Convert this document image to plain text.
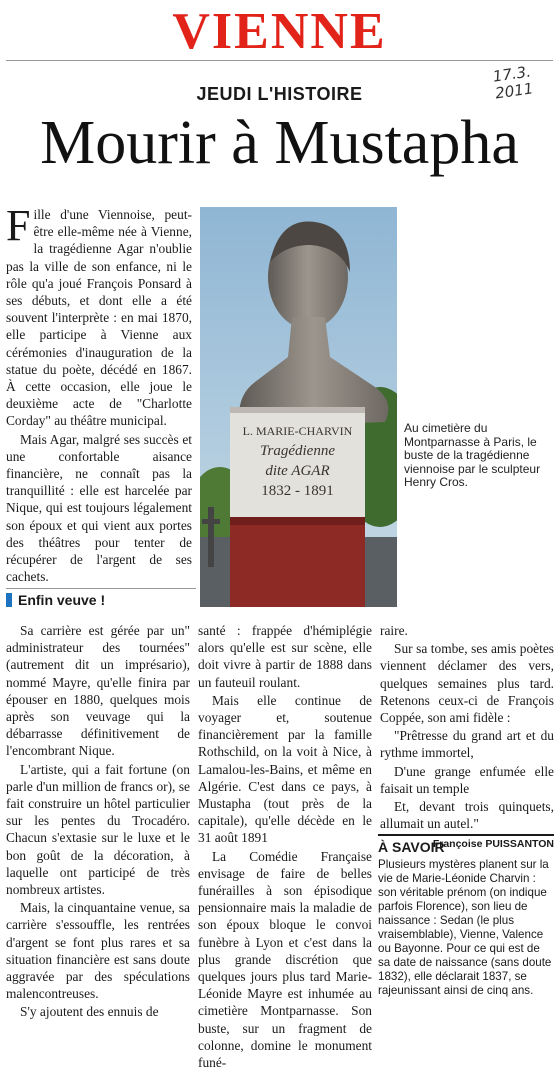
VIENNE
17.3.
2011
JEUDI L'HISTOIRE
Mourir à Mustapha

Fille d'une Viennoise, peut-être elle-même née à Vienne, la tragédienne Agar n'oublie pas la ville de son enfance, ni le rôle qu'a joué François Ponsard à ses débuts, et dont elle a été souvent l'interprète : en mai 1870, elle participe à Vienne aux cérémonies d'inauguration de la statue du poète, décédé en 1867. À cette occasion, elle joue le deuxième acte de "Charlotte Corday" au théâtre municipal.

Mais Agar, malgré ses succès et une confortable aisance financière, ne connaît pas la tranquillité : elle est harcelée par Nique, qui est toujours légalement son époux et qui vient aux portes des théâtres pour tenter de récupérer de l'argent de ses cachets.

L. MARIE-CHARVIN
Tragédienne
dite AGAR
1832 - 1891
Au cimetière du Montparnasse à Paris, le buste de la tragédienne viennoise par le sculpteur Henry Cros.
Enfin veuve !

Sa carrière est gérée par un" administrateur des tournées" (autrement dit un imprésario), nommé Mayre, qu'elle finira par épouser en 1880, quelques mois après son veuvage qui la débarrasse définitivement de l'encombrant Nique.

L'artiste, qui a fait fortune (on parle d'un million de francs or), se fait construire un hôtel particulier sur les pentes du Trocadéro. Chacun s'extasie sur le luxe et le bon goût de la décoration, à laquelle ont participé de très nombreux artistes.

Mais, la cinquantaine venue, sa carrière s'essouffle, les rentrées d'argent se font plus rares et sa situation financière est sans doute aggravée par des spéculations malencontreuses.

S'y ajoutent des ennuis de

santé : frappée d'hémiplégie alors qu'elle est sur scène, elle doit vivre à partir de 1888 dans un fauteuil roulant.

Mais elle continue de voyager et, soutenue financièrement par la famille Rothschild, on la voit à Nice, à Lamalou-les-Bains, et même en Algérie. C'est dans ce pays, à Mustapha (tout près de la capitale), qu'elle décède en le 31 août 1891

La Comédie Française envisage de faire de belles funérailles à son épisodique pensionnaire mais la maladie de son époux bloque le convoi funèbre à Lyon et c'est dans la plus grande discrétion que quelques jours plus tard Marie-Léonide Mayre est inhumée au cimetière Montparnasse. Son buste, sur un fragment de colonne, domine le monument funé-

raire.

Sur sa tombe, ses amis poètes viennent déclamer des vers, quelques semaines plus tard. Retenons ceux-ci de François Coppée, son ami fidèle :

"Prêtresse du grand art et du rythme immortel,

D'une grange enfumée elle faisait un temple

Et, devant trois quinquets, allumait un autel."

Françoise PUISSANTON
À SAVOIR
Plusieurs mystères planent sur la vie de Marie-Léonide Charvin : son véritable prénom (on indique parfois Florence), son lieu de naissance : Sedan (le plus vraisemblable), Vienne, Valence ou Bayonne. Pour ce qui est de sa date de naissance (sans doute 1832), elle déclarait 1837, se rajeunissant ainsi de cinq ans.
